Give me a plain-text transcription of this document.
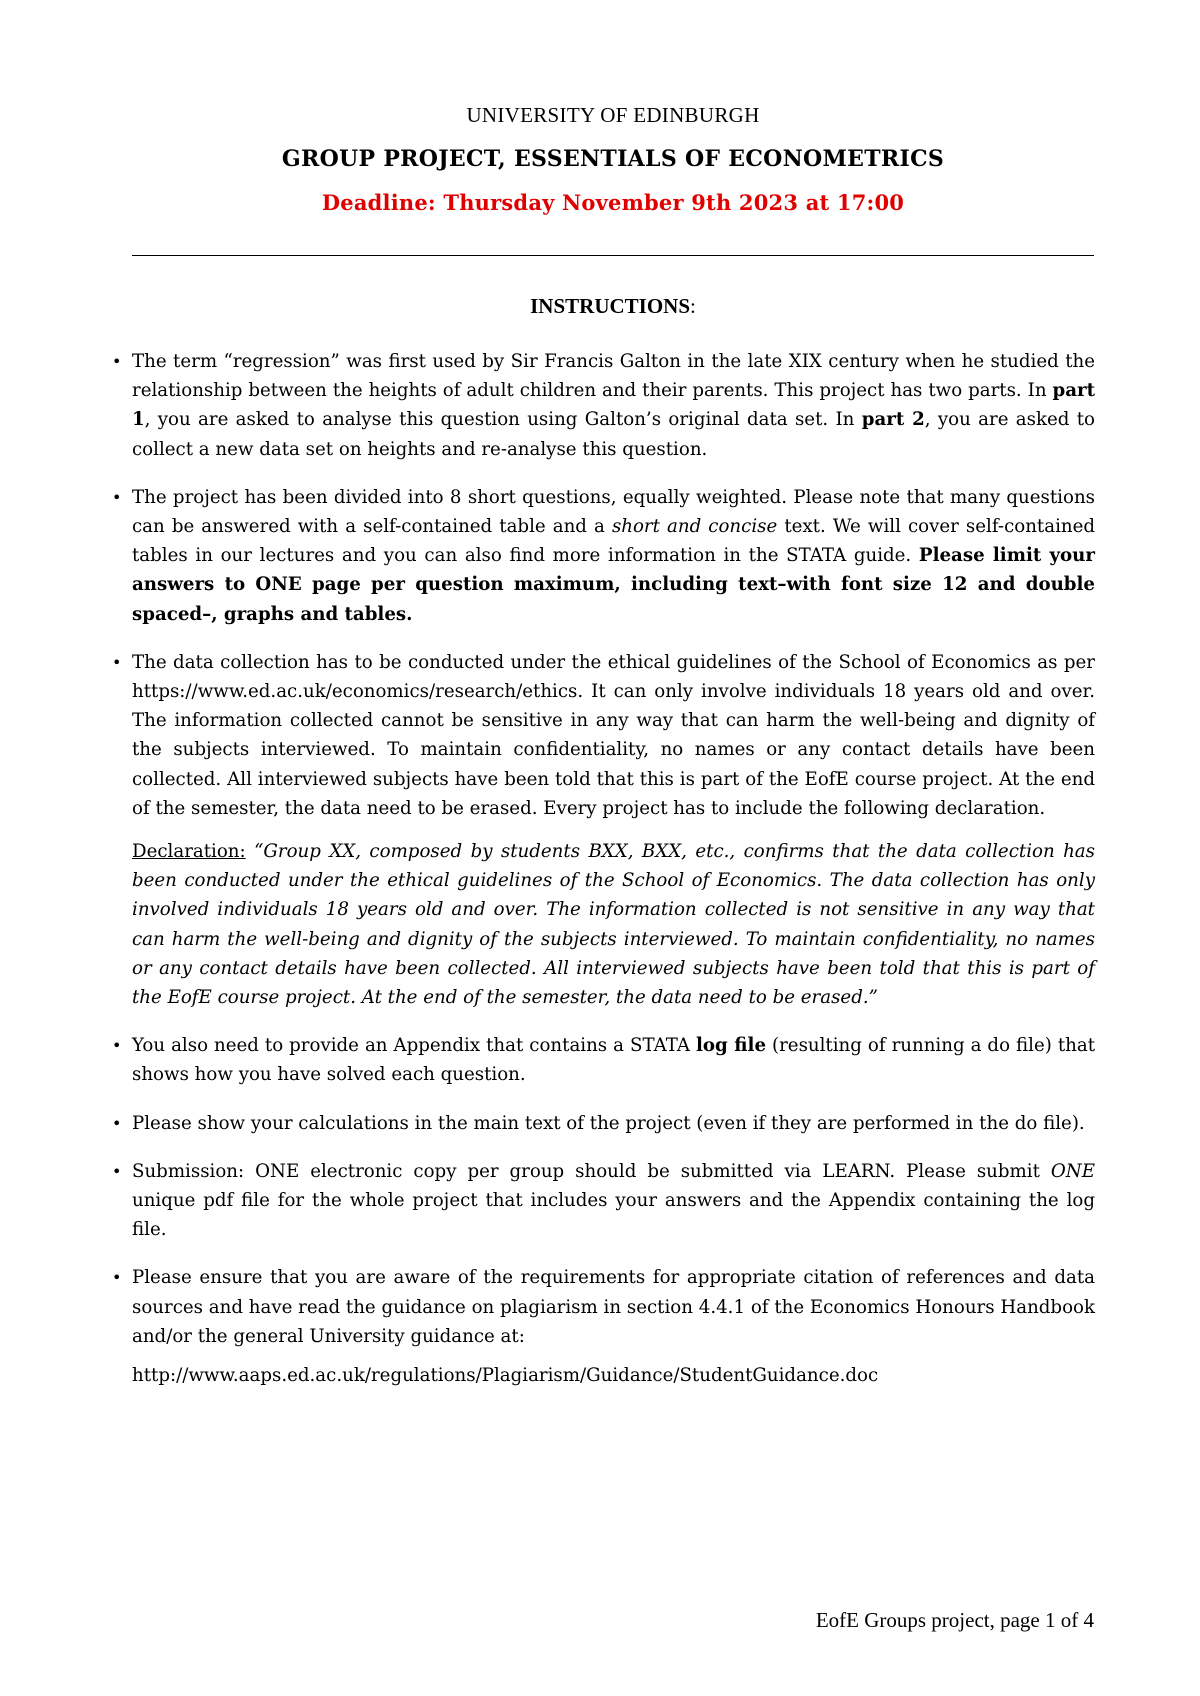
UNIVERSITY OF EDINBURGH

GROUP PROJECT, ESSENTIALS OF ECONOMETRICS

Deadline: Thursday November 9th 2023 at 17:00

INSTRUCTIONS:

• The term “regression” was first used by Sir Francis Galton in the late XIX century when he studied the relationship between the heights of adult children and their parents. This project has two parts. In part 1, you are asked to analyse this question using Galton’s original data set. In part 2, you are asked to collect a new data set on heights and re-analyse this question.
• The project has been divided into 8 short questions, equally weighted. Please note that many questions can be answered with a self-contained table and a short and concise text. We will cover self-contained tables in our lectures and you can also find more information in the STATA guide. Please limit your answers to ONE page per question maximum, including text–with font size 12 and double spaced–, graphs and tables.
• The data collection has to be conducted under the ethical guidelines of the School of Economics as per https://www.ed.ac.uk/economics/research/ethics. It can only involve individuals 18 years old and over. The information collected cannot be sensitive in any way that can harm the well-being and dignity of the subjects interviewed. To maintain confidentiality, no names or any contact details have been collected. All interviewed subjects have been told that this is part of the EofE course project. At the end of the semester, the data need to be erased. Every project has to include the following declaration.
Declaration: “Group XX, composed by students BXX, BXX, etc., confirms that the data collection has been conducted under the ethical guidelines of the School of Economics. The data collection has only involved individuals 18 years old and over. The information collected is not sensitive in any way that can harm the well-being and dignity of the subjects interviewed. To maintain confidentiality, no names or any contact details have been collected. All interviewed subjects have been told that this is part of the EofE course project. At the end of the semester, the data need to be erased.”
• You also need to provide an Appendix that contains a STATA log file (resulting of running a do file) that shows how you have solved each question.
• Please show your calculations in the main text of the project (even if they are performed in the do file).
• Submission: ONE electronic copy per group should be submitted via LEARN. Please submit ONE unique pdf file for the whole project that includes your answers and the Appendix containing the log file.
• Please ensure that you are aware of the requirements for appropriate citation of references and data sources and have read the guidance on plagiarism in section 4.4.1 of the Economics Honours Handbook and/or the general University guidance at:

http://www.aaps.ed.ac.uk/regulations/Plagiarism/Guidance/StudentGuidance.doc

EofE Groups project, page 1 of 4
